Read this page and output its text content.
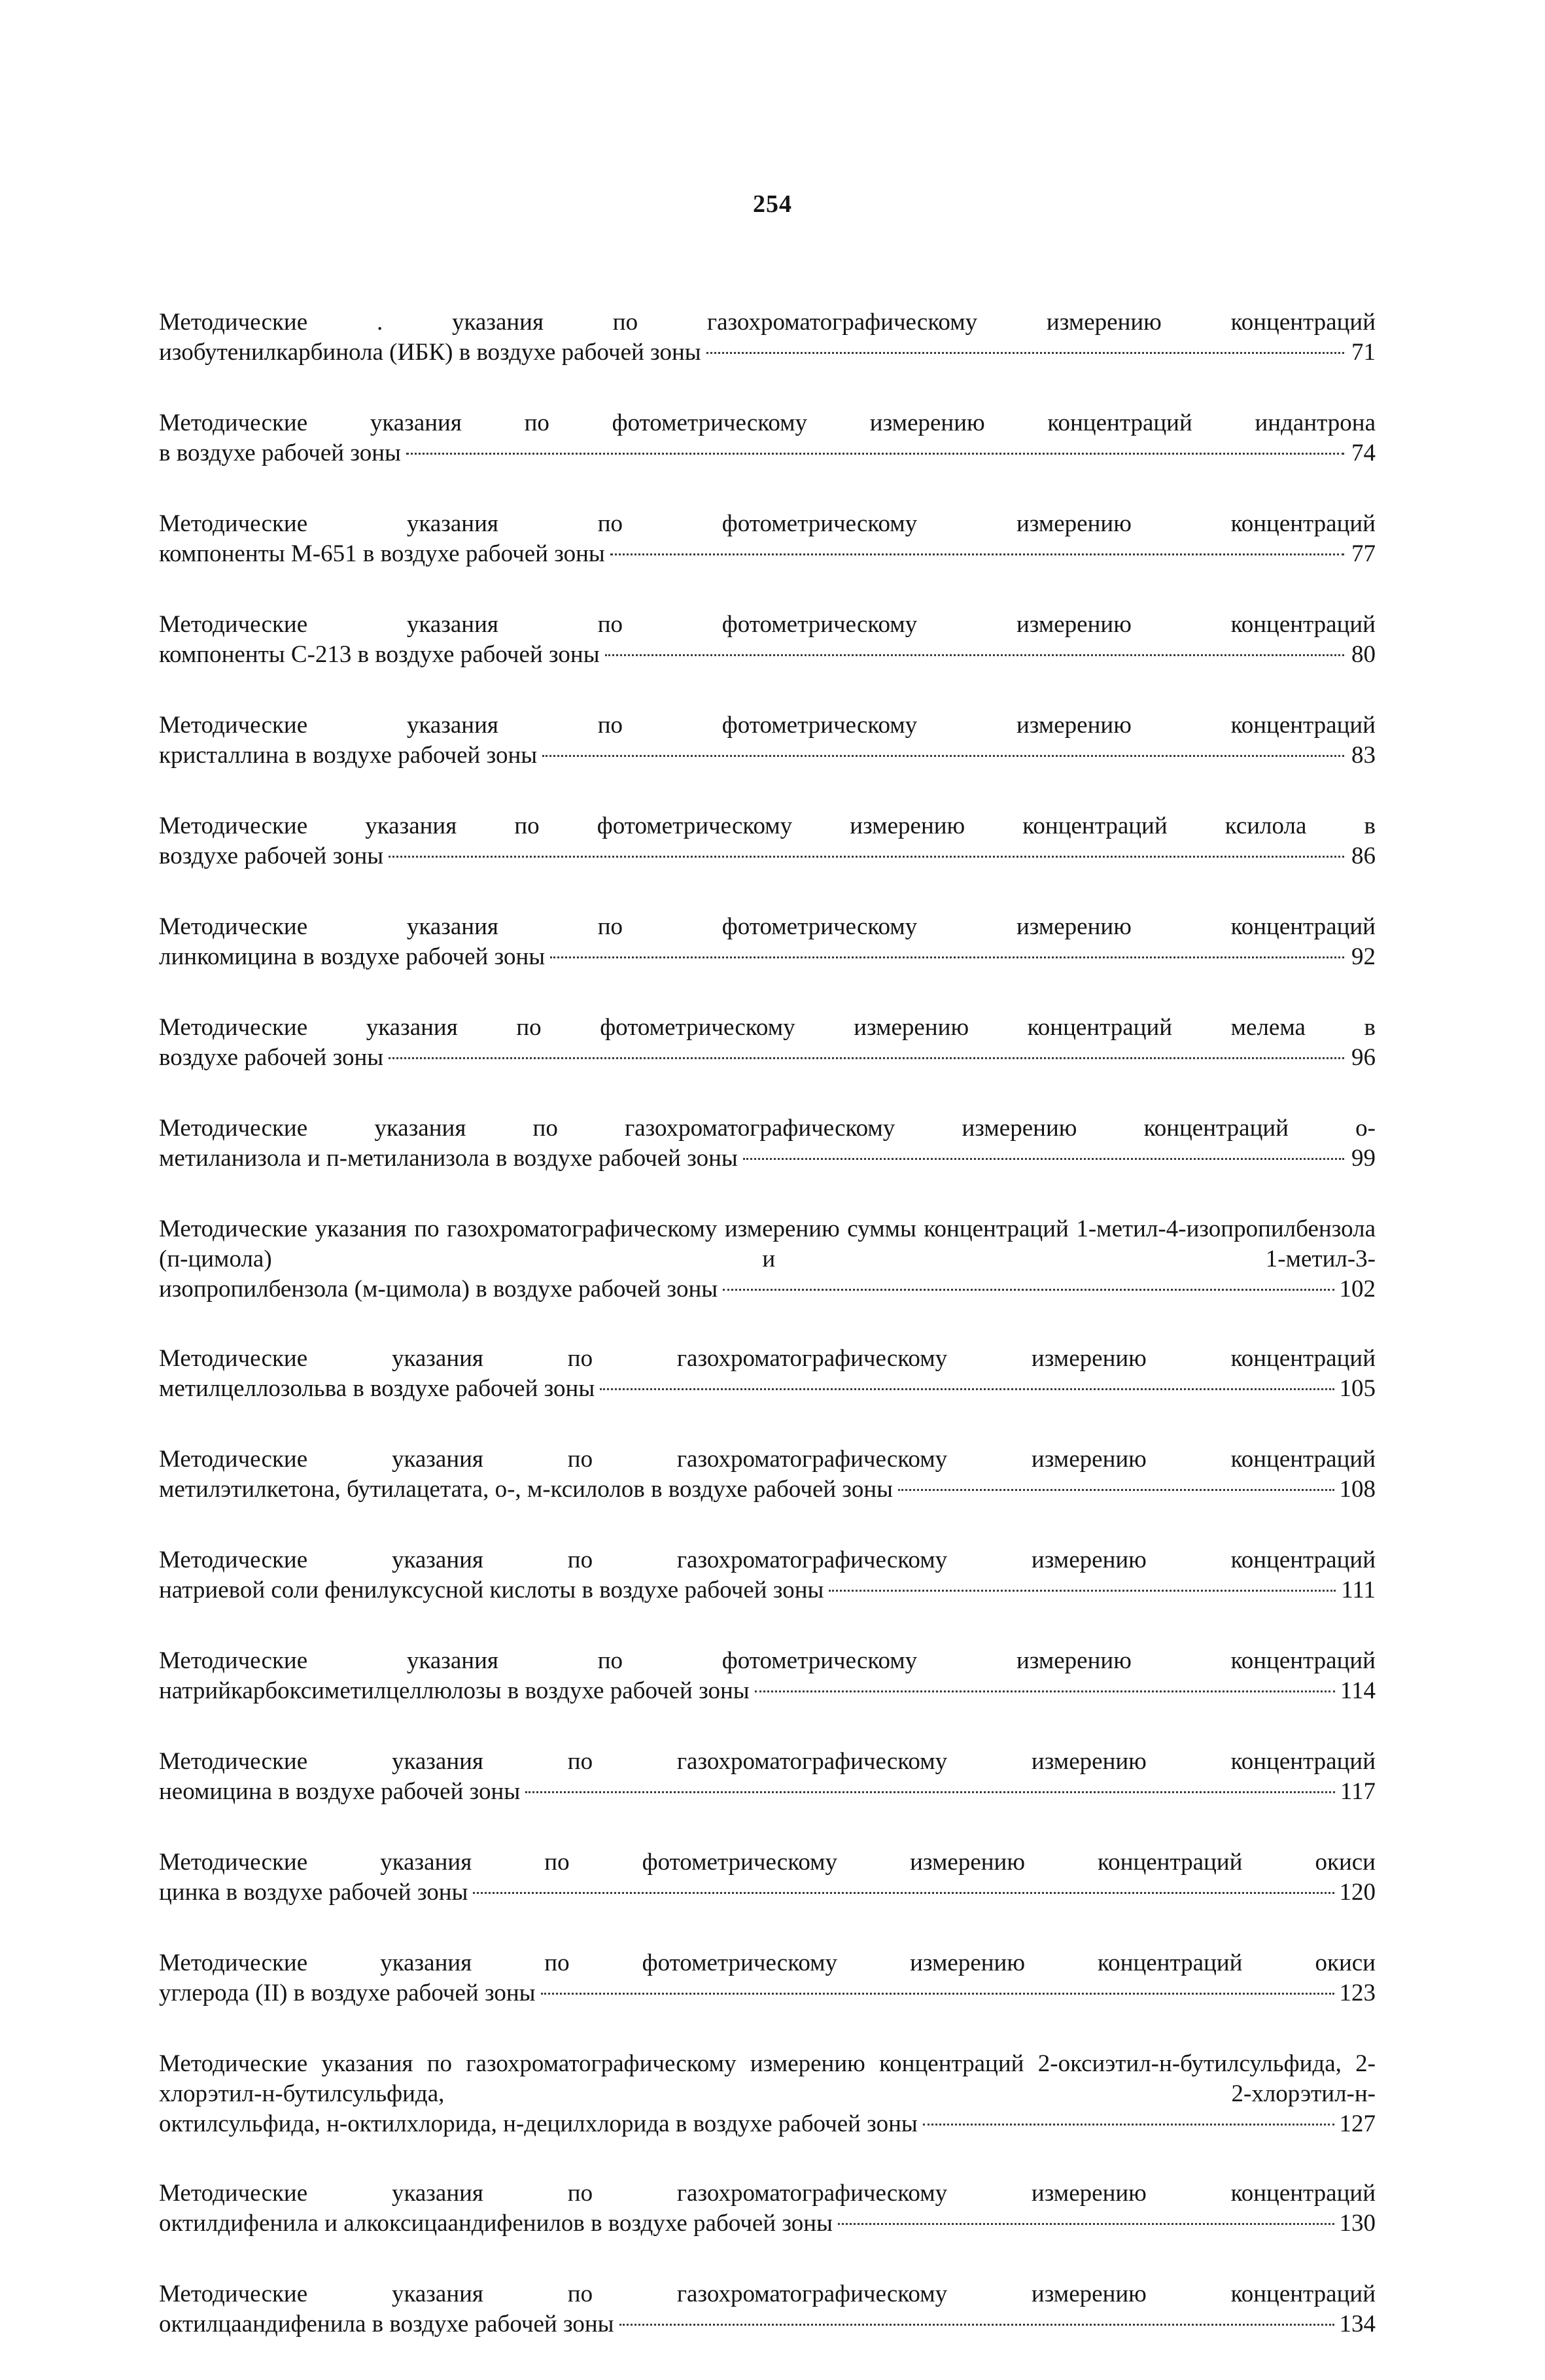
254
Методические . указания по газохроматографическому измерению концентраций
изобутенилкарбинола (ИБК) в воздухе рабочей зоны	71
Методические указания по фотометрическому измерению концентраций индантрона
в воздухе рабочей зоны	74
Методические указания по фотометрическому измерению концентраций
компоненты М-651 в воздухе рабочей зоны	77
Методические указания по фотометрическому измерению концентраций
компоненты С-213 в воздухе рабочей зоны	80
Методические указания по фотометрическому измерению концентраций
кристаллина в воздухе рабочей зоны	83
Методические указания по фотометрическому измерению концентраций ксилола в
воздухе рабочей зоны	86
Методические указания по фотометрическому измерению концентраций
линкомицина в воздухе рабочей зоны	92
Методические указания по фотометрическому измерению концентраций мелема в
воздухе рабочей зоны	96
Методические указания по газохроматографическому измерению концентраций о-
метиланизола и п-метиланизола в воздухе рабочей зоны	99
Методические указания по газохроматографическому измерению суммы концентраций 1-метил-4-изопропилбензола (п-цимола) и 1-метил-3-
изопропилбензола (м-цимола) в воздухе рабочей зоны	102
Методические указания по газохроматографическому измерению концентраций
метилцеллозольва в воздухе рабочей зоны	105
Методические указания по газохроматографическому измерению концентраций
метилэтилкетона, бутилацетата, о-, м-ксилолов в воздухе рабочей зоны	108
Методические указания по газохроматографическому измерению концентраций
натриевой соли фенилуксусной кислоты в воздухе рабочей зоны	111
Методические указания по фотометрическому измерению концентраций
натрийкарбоксиметилцеллюлозы в воздухе рабочей зоны	114
Методические указания по газохроматографическому измерению концентраций
неомицина в воздухе рабочей зоны	117
Методические указания по фотометрическому измерению концентраций окиси
цинка в воздухе рабочей зоны	120
Методические указания по фотометрическому измерению концентраций окиси
углерода (II) в воздухе рабочей зоны	123
Методические указания по газохроматографическому измерению концентраций 2-оксиэтил-н-бутилсульфида, 2-хлорэтил-н-бутилсульфида, 2-хлорэтил-н-
октилсульфида, н-октилхлорида, н-децилхлорида в воздухе рабочей зоны	127
Методические указания по газохроматографическому измерению концентраций
октилдифенила и алкоксицаандифенилов в воздухе рабочей зоны	130
Методические указания по газохроматографическому измерению концентраций
октилцаандифенила в воздухе рабочей зоны	134
